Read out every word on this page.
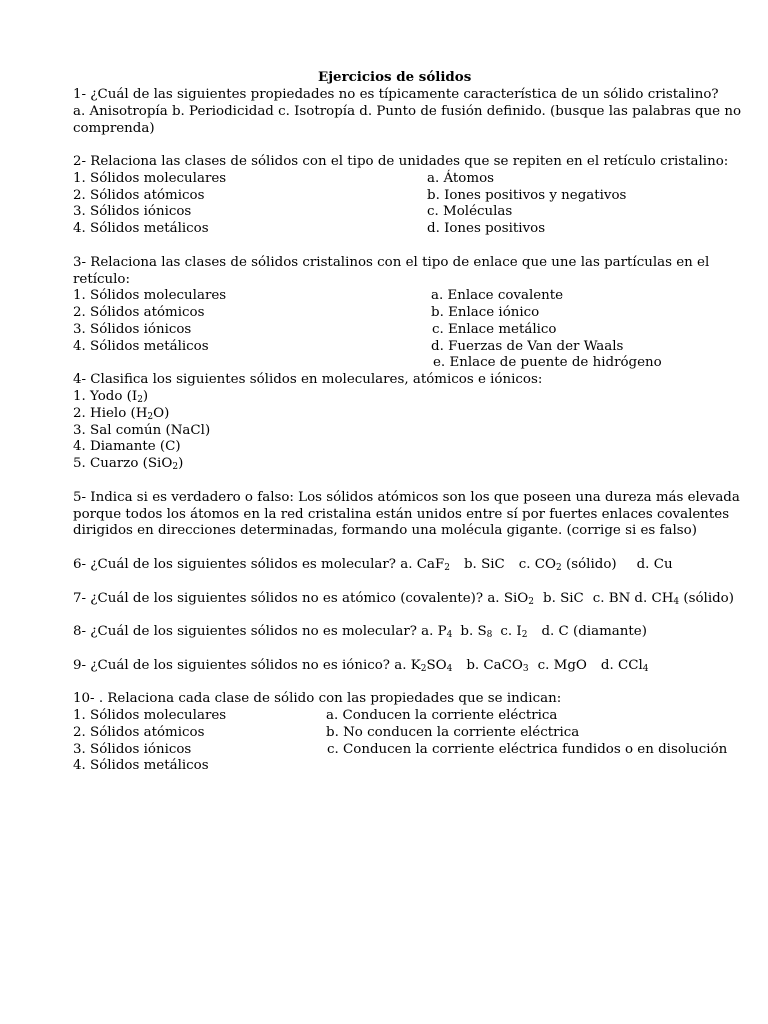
Ejercicios de sólidos
1- ¿Cuál de las siguientes propiedades no es típicamente característica de un sólido cristalino?
a. Anisotropía b. Periodicidad c. Isotropía d. Punto de fusión definido. (busque las palabras que no
comprenda)
2- Relaciona las clases de sólidos con el tipo de unidades que se repiten en el retículo cristalino:
1. Sólidos moleculares
2. Sólidos atómicos
3. Sólidos iónicos
4. Sólidos metálicos
a. Átomos
b. Iones positivos y negativos
c. Moléculas
d. Iones positivos
3- Relaciona las clases de sólidos cristalinos con el tipo de enlace que une las partículas en el
retículo:
1. Sólidos moleculares
2. Sólidos atómicos
3. Sólidos iónicos
4. Sólidos metálicos
a. Enlace covalente
b. Enlace iónico
c. Enlace metálico
d. Fuerzas de Van der Waals
e. Enlace de puente de hidrógeno
4- Clasifica los siguientes sólidos en moleculares, atómicos e iónicos:
1. Yodo $(I_2)$
2. Hielo $(H_2O)$
3. Sal común (NaCl)
4. Diamante (C)
5. Cuarzo (SiO$_2$)
5- Indica si es verdadero o falso: Los sólidos atómicos son los que poseen una dureza más elevada
porque todos los átomos en la red cristalina están unidos entre sí por fuertes enlaces covalentes
dirigidos en direcciones determinadas, formando una molécula gigante. (corrige si es falso)
6- ¿Cuál de los siguientes sólidos es molecular? a. CaF$_2$ b. SiC c. $CO_2$ (sólido) d. Cu
7- ¿Cuál de los siguientes sólidos no es atómico (covalente)? a. SiO$_2$ b. SiC c. BN d. $CH_4$ (sólido)
8- ¿Cuál de los siguientes sólidos no es molecular? a. $P_4$ b. $S_8$ c. $I_2$ d. C (diamante)
9- ¿Cuál de los siguientes sólidos no es iónico? a. $K_2SO_4$ b. CaCO$_3$ c. MgO d. CCl$_4$
10- . Relaciona cada clase de sólido con las propiedades que se indican:
1. Sólidos moleculares
2. Sólidos atómicos
3. Sólidos iónicos
4. Sólidos metálicos
a. Conducen la corriente eléctrica
b. No conducen la corriente eléctrica
c. Conducen la corriente eléctrica fundidos o en disolución
